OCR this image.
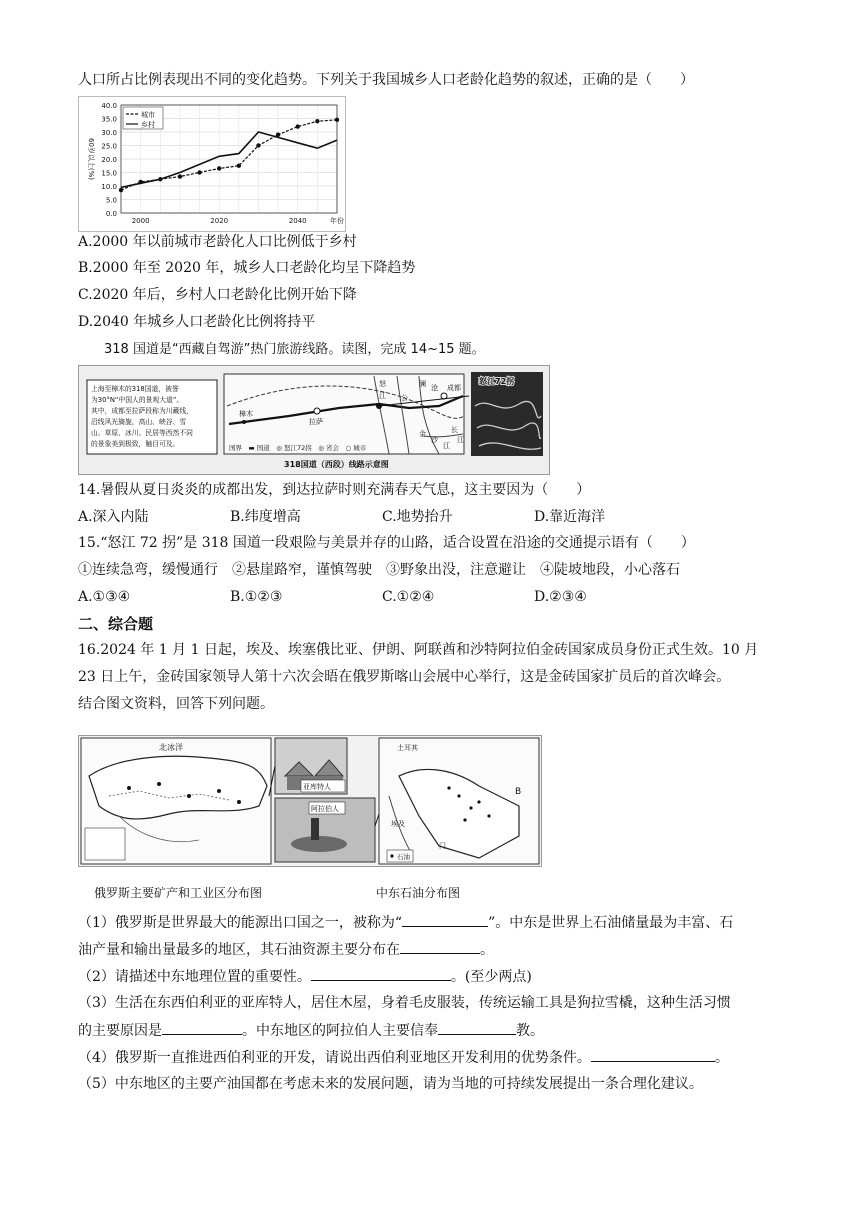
人口所占比例表现出不同的变化趋势。下列关于我国城乡人口老龄化趋势的叙述，正确的是（　　）
40.0
35.0
30.0
25.0
20.0
15.0
10.0
5.0
0.0
2000	2020	2040	年份
60岁以上(%)
城市
乡村
A.2000 年以前城市老龄化人口比例低于乡村
B.2000 年至 2020 年，城乡人口老龄化均呈下降趋势
C.2020 年后，乡村人口老龄化比例开始下降
D.2040 年城乡人口老龄化比例将持平
318 国道是“西藏自驾游”热门旅游线路。读图，完成 14~15 题。
上海至樟木的318国道，被誉
为30°N“中国人的景观大道”。
其中，成都至拉萨段称为川藏线，
沿线风光旖旎，高山、峡谷、雪
山、草原、冰川、民居等西然不同
的景象美到极致，触目可及。
樟木
拉萨
怒
江
澜 沧
公
成都
金
沙
江
长
江
国界　▬ 国道　◎ 怒江72拐　◎ 省会　○ 城市
318国道（西段）线路示意图
怒江72拐
14.暑假从夏日炎炎的成都出发，到达拉萨时则充满春天气息，这主要因为（　　）
A.深入内陆	B.纬度增高	C.地势抬升	D.靠近海洋
15.“怒江 72 拐”是 318 国道一段艰险与美景并存的山路，适合设置在沿途的交通提示语有（　　）
①连续急弯，缓慢通行　②悬崖路窄，谨慎驾驶　③野象出没，注意避让　④陡坡地段，小心落石
A.①③④	B.①②③	C.①②④	D.②③④
二、综合题
16.2024 年 1 月 1 日起，埃及、埃塞俄比亚、伊朗、阿联酋和沙特阿拉伯金砖国家成员身份正式生效。10 月
23 日上午，金砖国家领导人第十六次会晤在俄罗斯喀山会展中心举行，这是金砖国家扩员后的首次峰会。
结合图文资料，回答下列问题。
北冰洋
亚库特人
阿拉伯人
土耳其
埃及
B
门
石油
俄罗斯主要矿产和工业区分布图	中东石油分布图
（1）俄罗斯是世界最大的能源出口国之一，被称为“	”。中东是世界上石油储量最为丰富、石
油产量和输出量最多的地区，其石油资源主要分布在	。
（2）请描述中东地理位置的重要性。	。(至少两点)
（3）生活在东西伯利亚的亚库特人，居住木屋，身着毛皮服装，传统运输工具是狗拉雪橇，这种生活习惯
的主要原因是	。中东地区的阿拉伯人主要信奉	教。
（4）俄罗斯一直推进西伯利亚的开发，请说出西伯利亚地区开发利用的优势条件。	。
（5）中东地区的主要产油国都在考虑未来的发展问题，请为当地的可持续发展提出一条合理化建议。
